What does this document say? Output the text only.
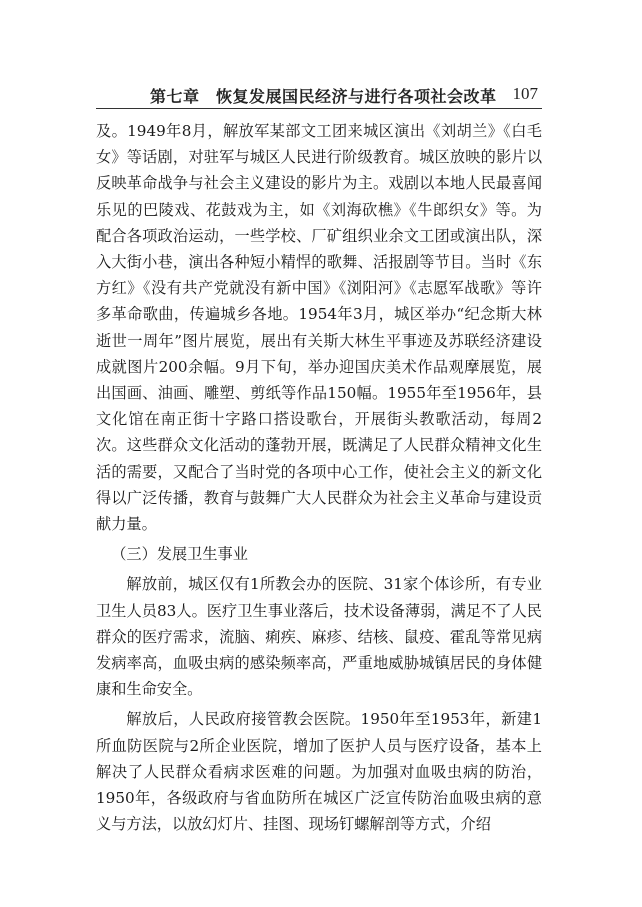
第七章　恢复发展国民经济与进行各项社会改革 107

及。1949年8月，解放军某部文工团来城区演出《刘胡兰》《白毛女》等话剧，对驻军与城区人民进行阶级教育。城区放映的影片以反映革命战争与社会主义建设的影片为主。戏剧以本地人民最喜闻乐见的巴陵戏、花鼓戏为主，如《刘海砍樵》《牛郎织女》等。为配合各项政治运动，一些学校、厂矿组织业余文工团或演出队，深入大街小巷，演出各种短小精悍的歌舞、活报剧等节目。当时《东方红》《没有共产党就没有新中国》《浏阳河》《志愿军战歌》等许多革命歌曲，传遍城乡各地。1954年3月，城区举办“纪念斯大林逝世一周年”图片展览，展出有关斯大林生平事迹及苏联经济建设成就图片200余幅。9月下旬，举办迎国庆美术作品观摩展览，展出国画、油画、雕塑、剪纸等作品150幅。1955年至1956年，县文化馆在南正街十字路口搭设歌台，开展街头教歌活动，每周2次。这些群众文化活动的蓬勃开展，既满足了人民群众精神文化生活的需要，又配合了当时党的各项中心工作，使社会主义的新文化得以广泛传播，教育与鼓舞广大人民群众为社会主义革命与建设贡献力量。

（三）发展卫生事业

解放前，城区仅有1所教会办的医院、31家个体诊所，有专业卫生人员83人。医疗卫生事业落后，技术设备薄弱，满足不了人民群众的医疗需求，流脑、痢疾、麻疹、结核、鼠疫、霍乱等常见病发病率高，血吸虫病的感染频率高，严重地威胁城镇居民的身体健康和生命安全。

解放后，人民政府接管教会医院。1950年至1953年，新建1所血防医院与2所企业医院，增加了医护人员与医疗设备，基本上解决了人民群众看病求医难的问题。为加强对血吸虫病的防治，1950年，各级政府与省血防所在城区广泛宣传防治血吸虫病的意义与方法，以放幻灯片、挂图、现场钉螺解剖等方式，介绍
